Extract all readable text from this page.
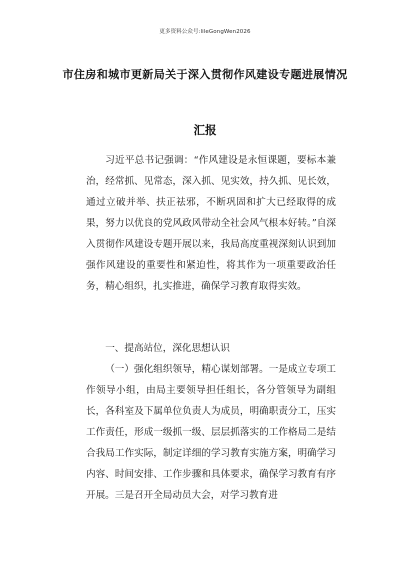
更多资料公众号:lileGongWen2026
市住房和城市更新局关于深入贯彻作风建设专题进展情况
汇报

习近平总书记强调：“作风建设是永恒课题，要标本兼治，经常抓、见常态，深入抓、见实效，持久抓、见长效，通过立破并举、扶正祛邪，不断巩固和扩大已经取得的成果，努力以优良的党风政风带动全社会风气根本好转。”自深入贯彻作风建设专题开展以来，我局高度重视深刻认识到加强作风建设的重要性和紧迫性，将其作为一项重要政治任务，精心组织，扎实推进，确保学习教育取得实效。

一、提高站位，深化思想认识

（一）强化组织领导，精心谋划部署。一是成立专项工作领导小组，由局主要领导担任组长，各分管领导为副组长，各科室及下属单位负责人为成员，明确职责分工，压实工作责任，形成一级抓一级、层层抓落实的工作格局二是结合我局工作实际，制定详细的学习教育实施方案，明确学习内容、时间安排、工作步骤和具体要求，确保学习教育有序开展。三是召开全局动员大会，对学习教育进
